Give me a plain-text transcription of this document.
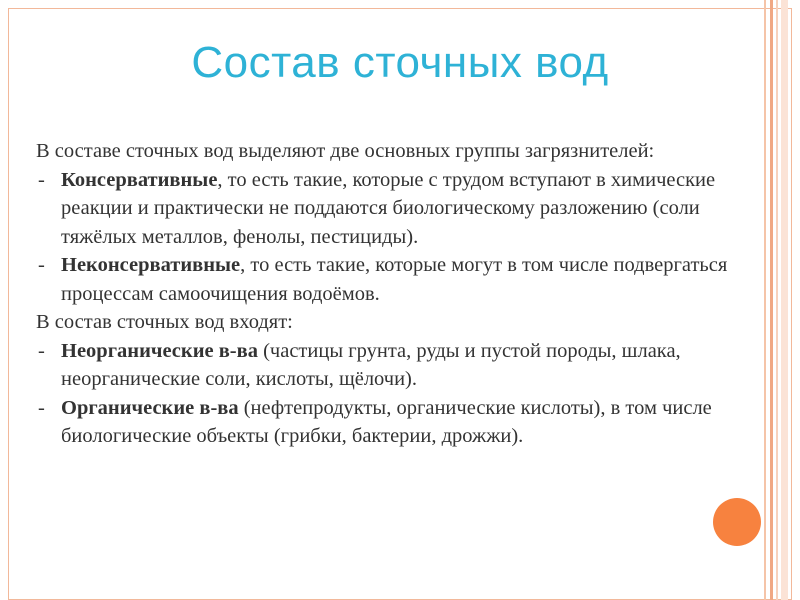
Состав сточных вод

В составе сточных вод выделяют две основных группы загрязнителей:

- Консервативные, то есть такие, которые с трудом вступают в химические реакции и практически не поддаются биологическому разложению (соли тяжёлых металлов, фенолы, пестициды).

- Неконсервативные, то есть такие, которые могут в том числе подвергаться процессам самоочищения водоёмов.

В состав сточных вод входят:

- Неорганические в-ва (частицы грунта, руды и пустой породы, шлака, неорганические соли, кислоты, щёлочи).

- Органические в-ва (нефтепродукты, органические кислоты), в том числе биологические объекты (грибки, бактерии, дрожжи).
